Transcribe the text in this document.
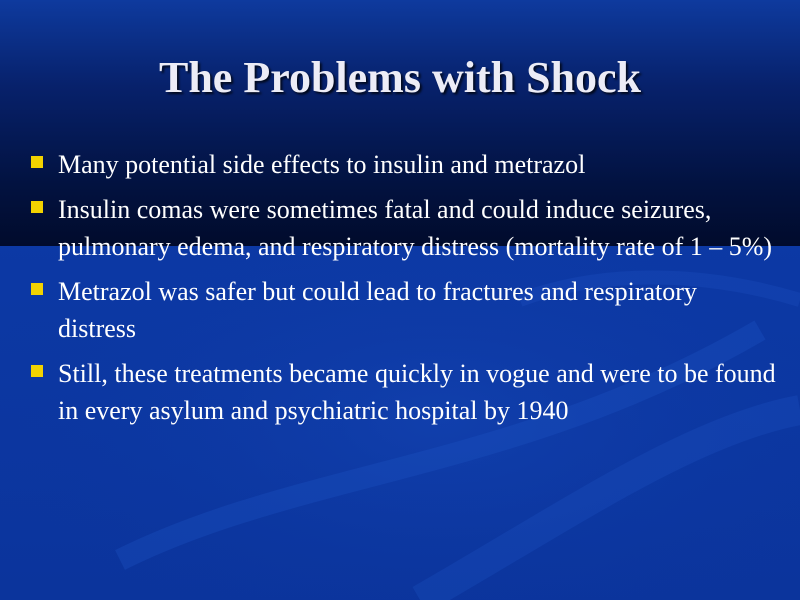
The Problems with Shock
Many potential side effects to insulin and metrazol
Insulin comas were sometimes fatal and could induce seizures, pulmonary edema, and respiratory distress (mortality rate of 1 – 5%)
Metrazol was safer but could lead to fractures and respiratory distress
Still, these treatments became quickly in vogue and were to be found in every asylum and psychiatric hospital by 1940
